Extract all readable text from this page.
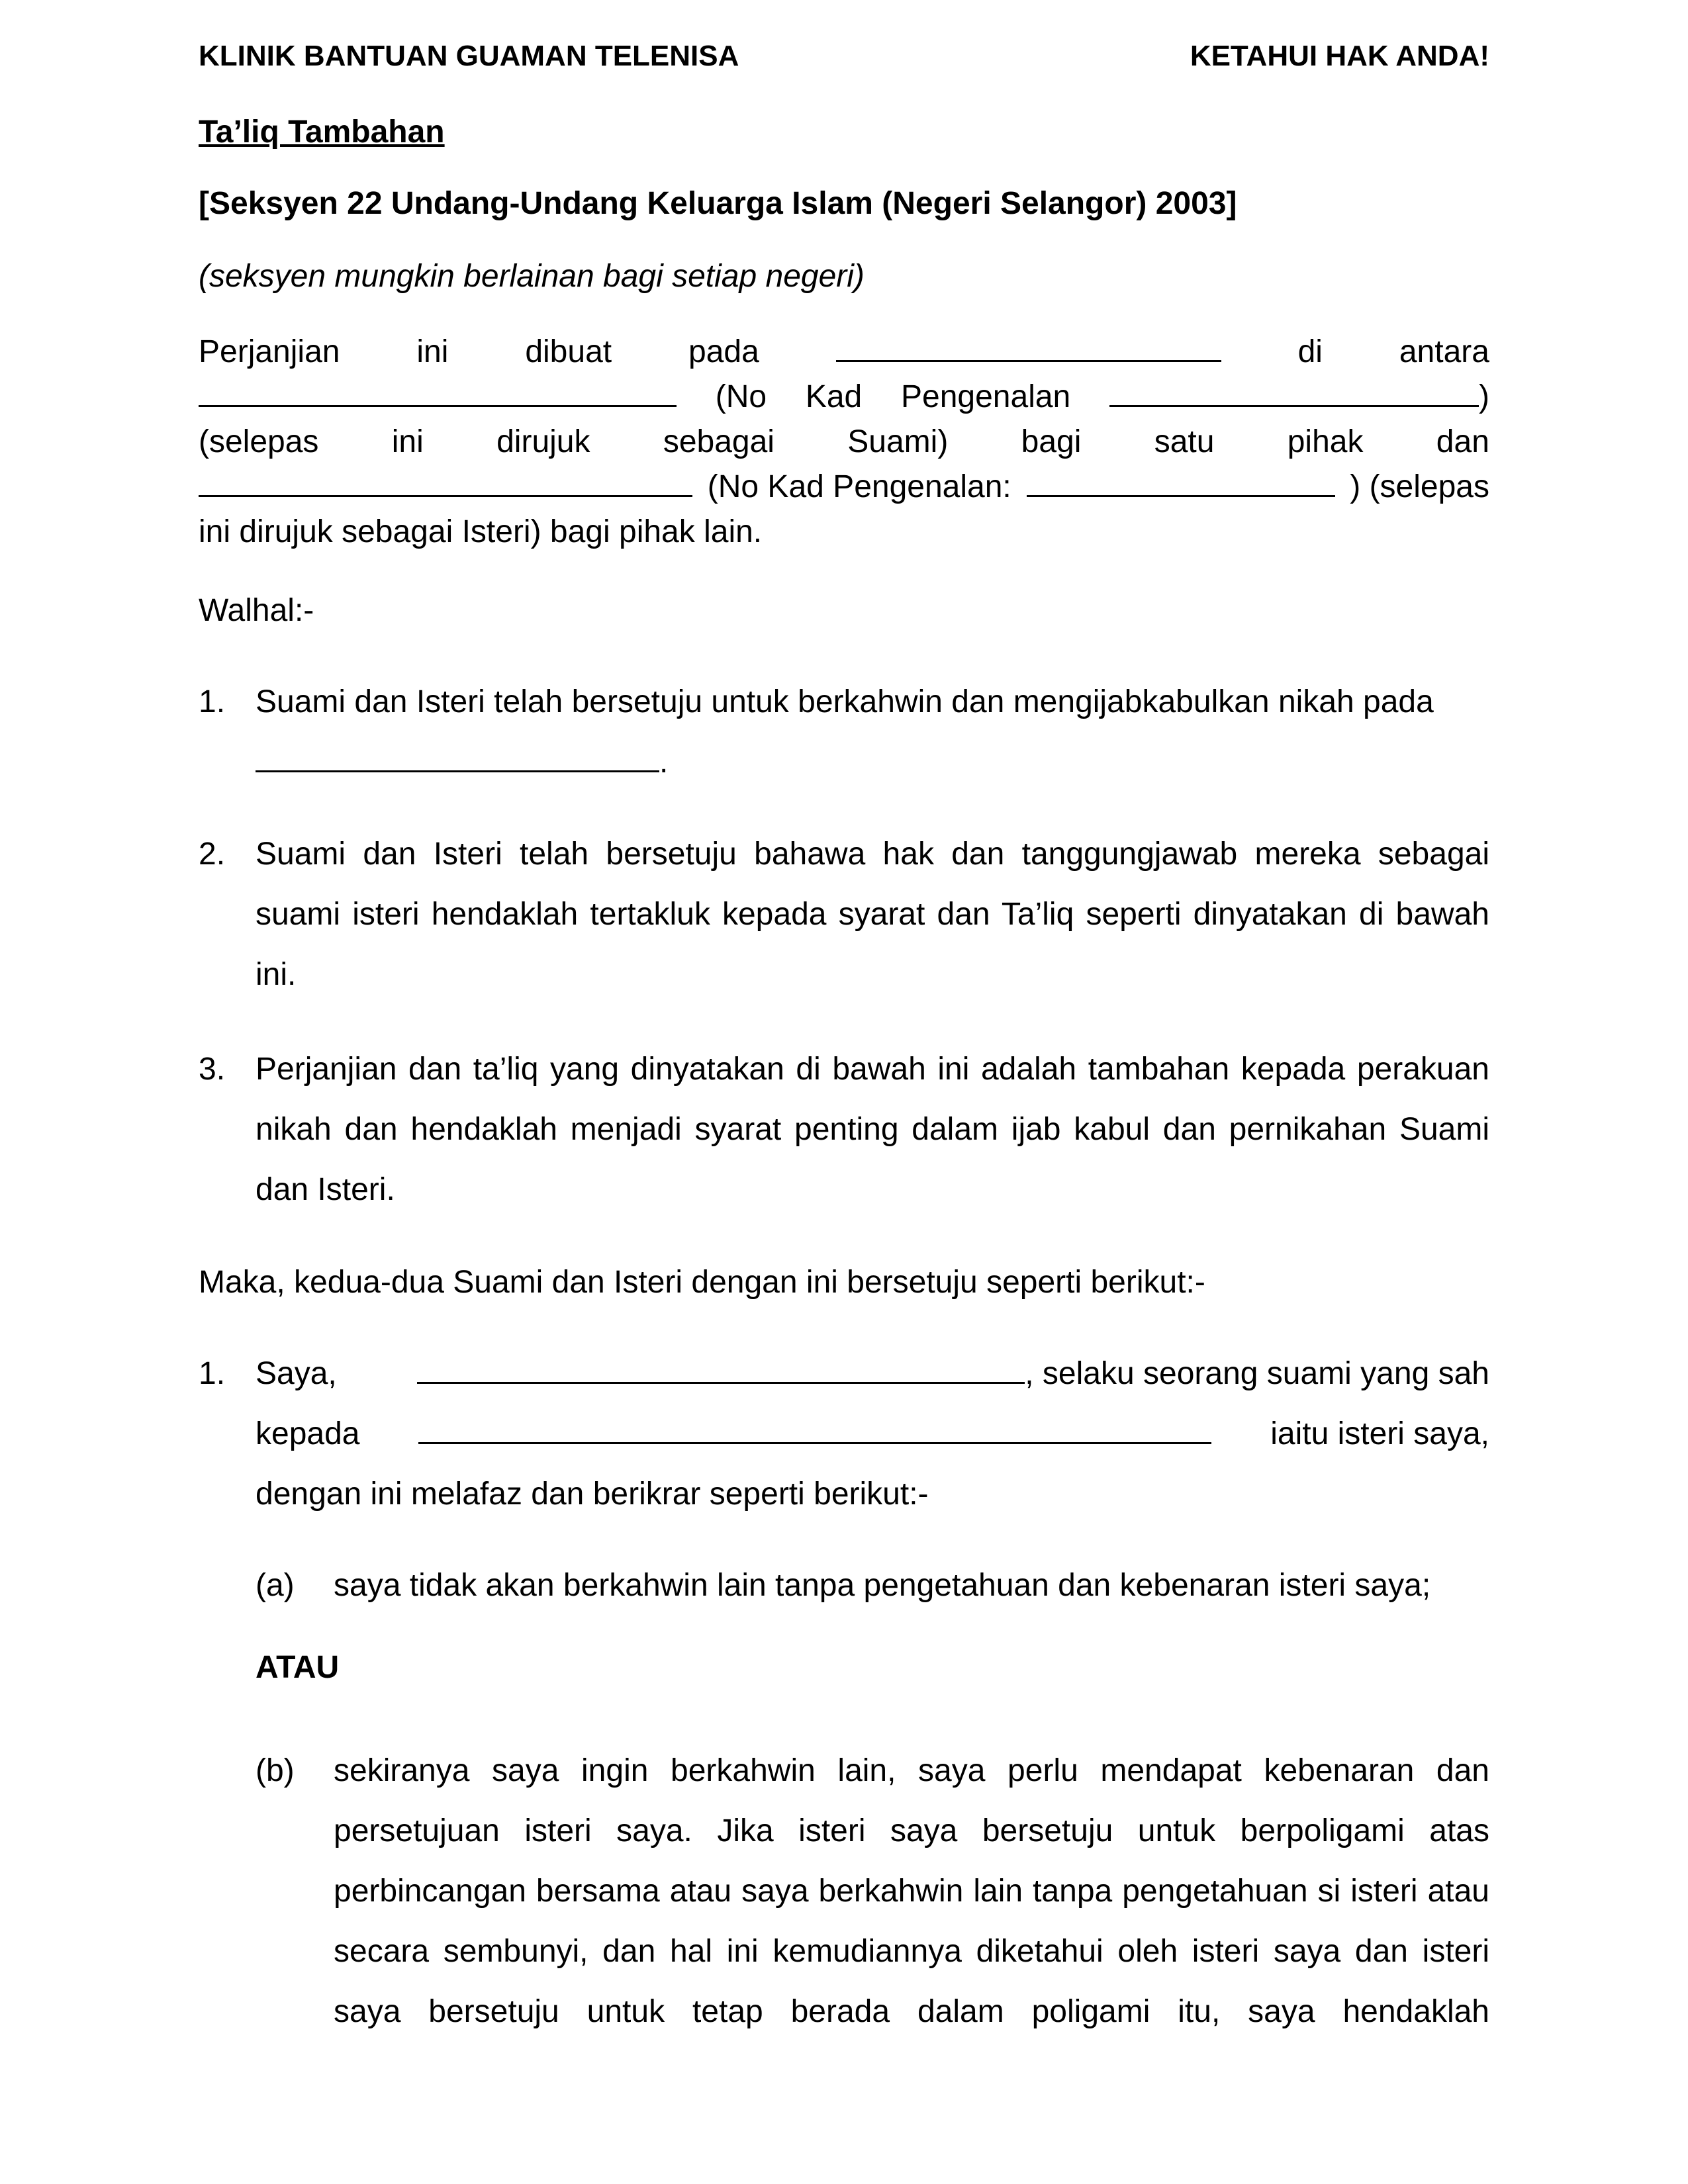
KLINIK BANTUAN GUAMAN TELENISA	KETAHUI HAK ANDA!
Ta’liq Tambahan
[Seksyen 22 Undang-Undang Keluarga Islam (Negeri Selangor) 2003]
(seksyen mungkin berlainan bagi setiap negeri)
Perjanjian ini dibuat pada	di antara
(No Kad Pengenalan	)
(selepas ini dirujuk sebagai Suami) bagi satu pihak dan
(No Kad Pengenalan:	) (selepas
ini dirujuk sebagai Isteri) bagi pihak lain.
Walhal:-
1. Suami dan Isteri telah bersetuju untuk berkahwin dan mengijabkabulkan nikah pada
.
2. Suami dan Isteri telah bersetuju bahawa hak dan tanggungjawab mereka sebagai suami isteri hendaklah tertakluk kepada syarat dan Ta’liq seperti dinyatakan di bawah ini.
3. Perjanjian dan ta’liq yang dinyatakan di bawah ini adalah tambahan kepada perakuan nikah dan hendaklah menjadi syarat penting dalam ijab kabul dan pernikahan Suami dan Isteri.
Maka, kedua-dua Suami dan Isteri dengan ini bersetuju seperti berikut:-
1. Saya,	, selaku seorang suami yang sah
kepada	iaitu isteri saya,
dengan ini melafaz dan berikrar seperti berikut:-
(a) saya tidak akan berkahwin lain tanpa pengetahuan dan kebenaran isteri saya;
ATAU
(b) sekiranya saya ingin berkahwin lain, saya perlu mendapat kebenaran dan persetujuan isteri saya. Jika isteri saya bersetuju untuk berpoligami atas perbincangan bersama atau saya berkahwin lain tanpa pengetahuan si isteri atau secara sembunyi, dan hal ini kemudiannya diketahui oleh isteri saya dan isteri saya bersetuju untuk tetap berada dalam poligami itu, saya hendaklah
